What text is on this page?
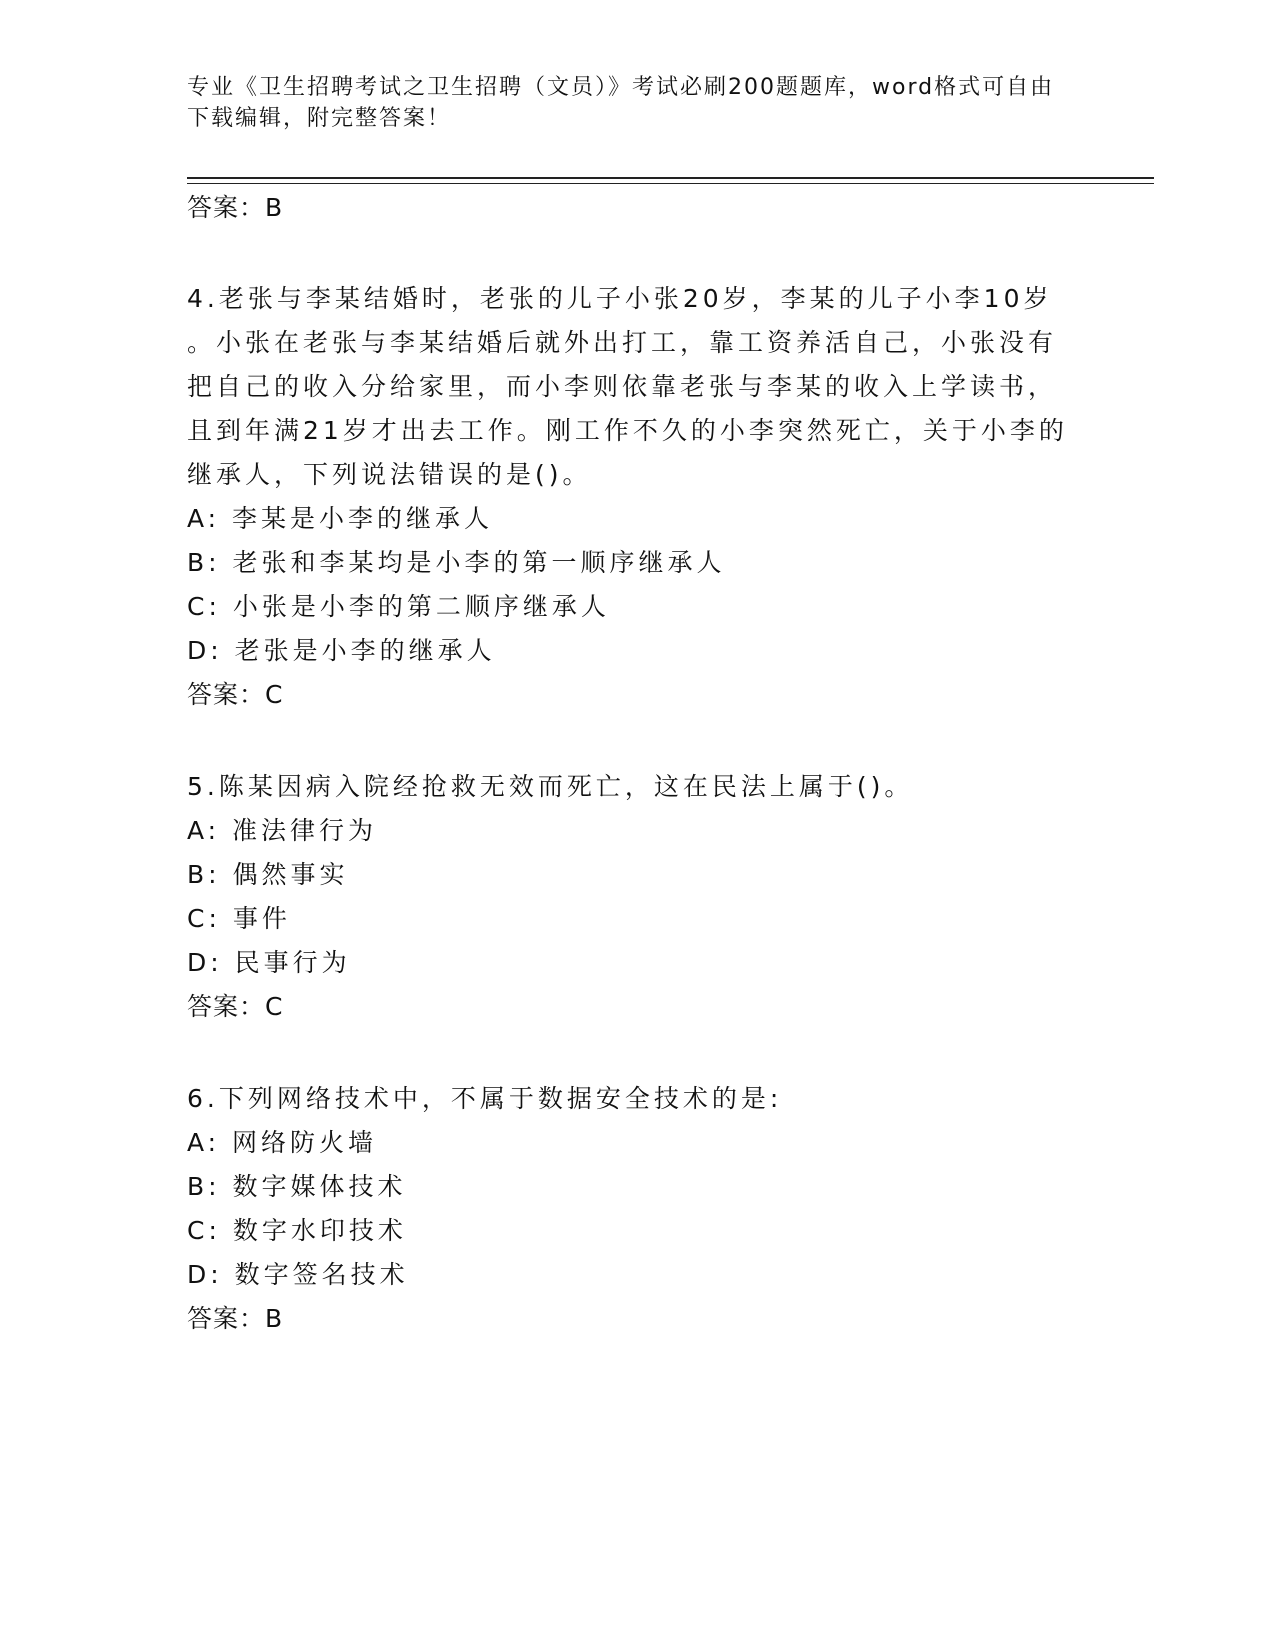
专业《卫生招聘考试之卫生招聘（文员）》考试必刷200题题库，word格式可自由下载编辑，附完整答案！

答案：B

4.老张与李某结婚时，老张的儿子小张20岁，李某的儿子小李10岁

。小张在老张与李某结婚后就外出打工，靠工资养活自己，小张没有

把自己的收入分给家里，而小李则依靠老张与李某的收入上学读书，

且到年满21岁才出去工作。刚工作不久的小李突然死亡，关于小李的

继承人，下列说法错误的是()。

A: 李某是小李的继承人

B: 老张和李某均是小李的第一顺序继承人

C: 小张是小李的第二顺序继承人

D: 老张是小李的继承人

答案：C

5.陈某因病入院经抢救无效而死亡，这在民法上属于()。

A: 准法律行为

B: 偶然事实

C: 事件

D: 民事行为

答案：C

6.下列网络技术中，不属于数据安全技术的是:

A: 网络防火墙

B: 数字媒体技术

C: 数字水印技术

D: 数字签名技术

答案：B
